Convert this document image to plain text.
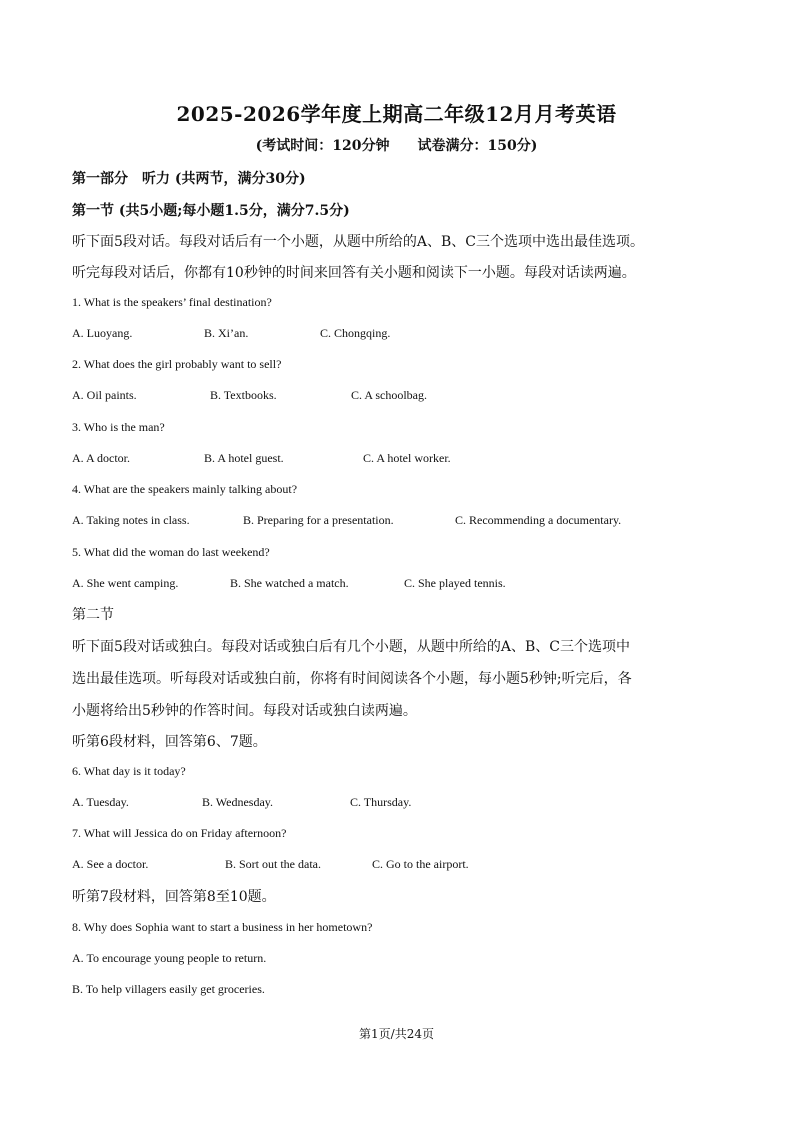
2025-2026学年度上期高二年级12月月考英语
(考试时间：120分钟　　试卷满分：150分)
第一部分　听力 (共两节，满分30分)
第一节 (共5小题;每小题1.5分，满分7.5分)
听下面5段对话。每段对话后有一个小题，从题中所给的A、B、C三个选项中选出最佳选项。
听完每段对话后，你都有10秒钟的时间来回答有关小题和阅读下一小题。每段对话读两遍。
1. What is the speakers’ final destination?
A. Luoyang.	B. Xi’an.	C. Chongqing.
2. What does the girl probably want to sell?
A. Oil paints.	B. Textbooks.	C. A schoolbag.
3. Who is the man?
A. A doctor.	B. A hotel guest.	C. A hotel worker.
4. What are the speakers mainly talking about?
A. Taking notes in class.	B. Preparing for a presentation.	C. Recommending a documentary.
5. What did the woman do last weekend?
A. She went camping.	B. She watched a match.	C. She played tennis.
第二节
听下面5段对话或独白。每段对话或独白后有几个小题，从题中所给的A、B、C三个选项中
选出最佳选项。听每段对话或独白前，你将有时间阅读各个小题，每小题5秒钟;听完后，各
小题将给出5秒钟的作答时间。每段对话或独白读两遍。
听第6段材料，回答第6、7题。
6. What day is it today?
A. Tuesday.	B. Wednesday.	C. Thursday.
7. What will Jessica do on Friday afternoon?
A. See a doctor.	B. Sort out the data.	C. Go to the airport.
听第7段材料，回答第8至10题。
8. Why does Sophia want to start a business in her hometown?
A. To encourage young people to return.
B. To help villagers easily get groceries.
第1页/共24页
